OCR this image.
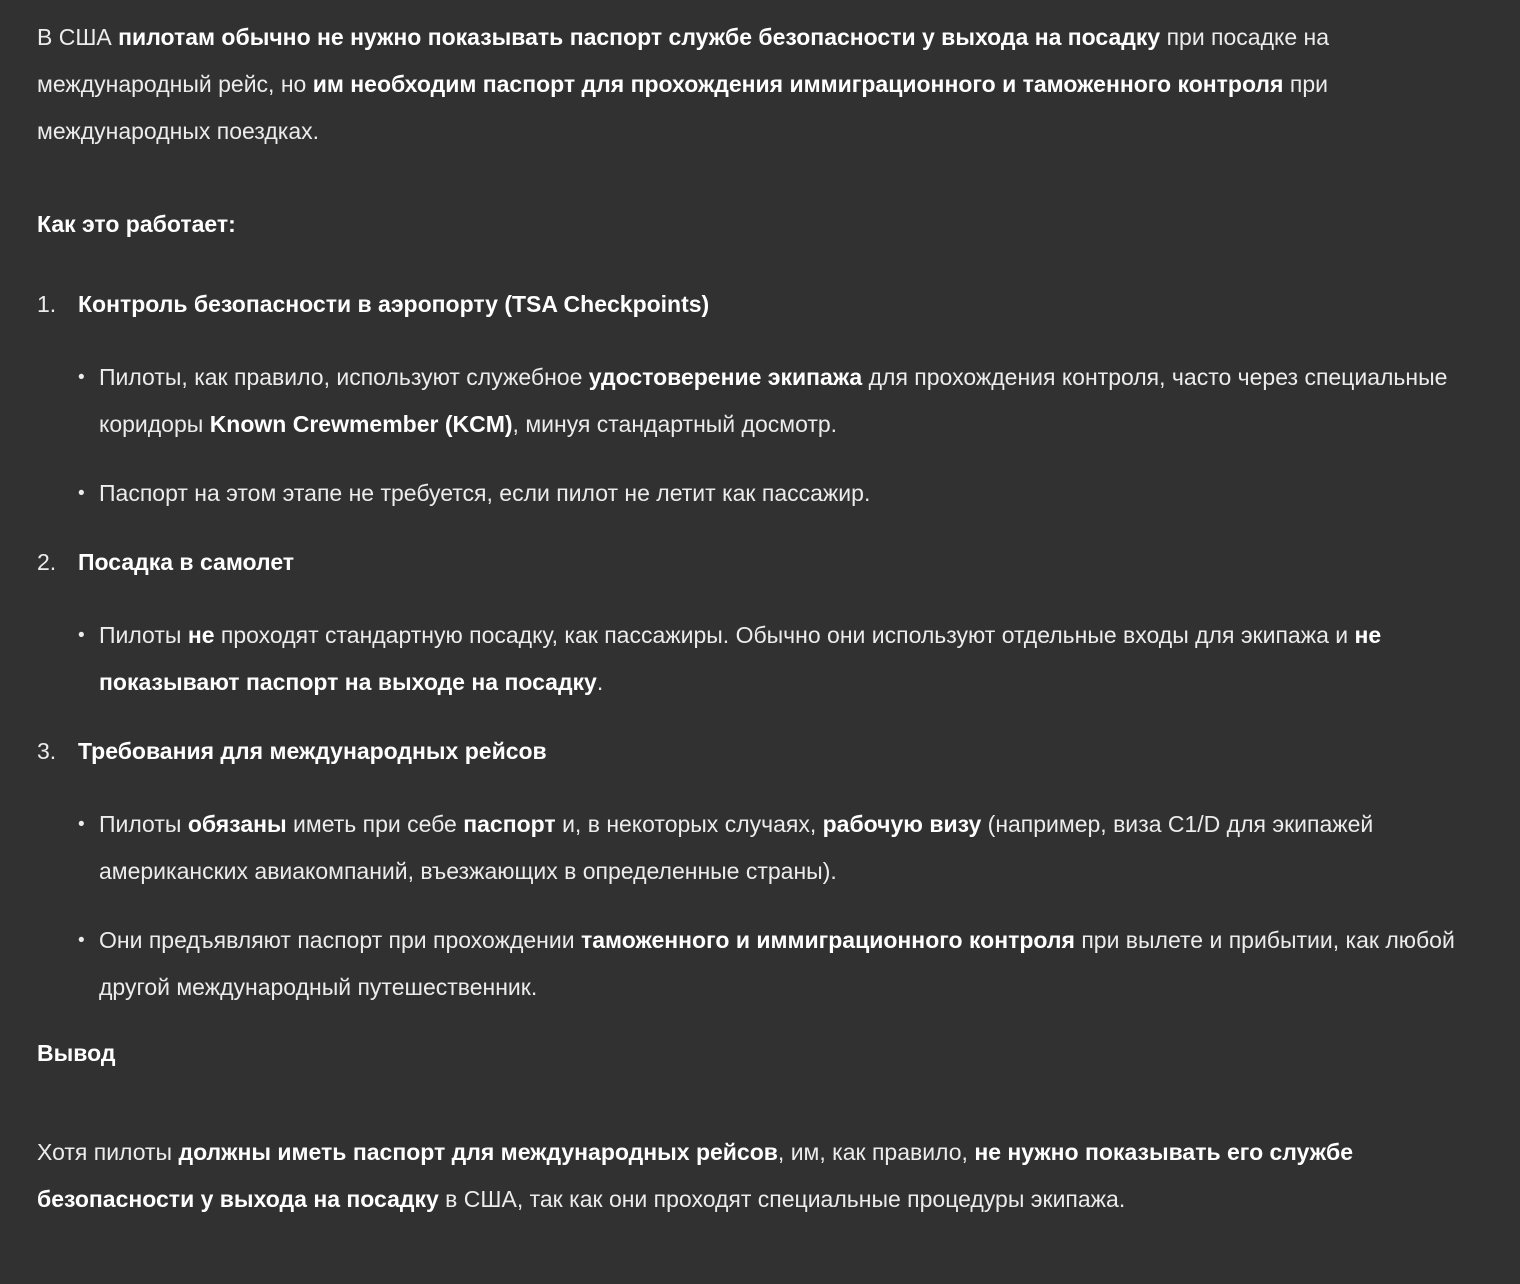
В США пилотам обычно не нужно показывать паспорт службе безопасности у выхода на посадку при посадке на международный рейс, но им необходим паспорт для прохождения иммиграционного и таможенного контроля при международных поездках.

Как это работает:
1. Контроль безопасности в аэропорту (TSA Checkpoints)
• Пилоты, как правило, используют служебное удостоверение экипажа для прохождения контроля, часто через специальные коридоры Known Crewmember (KCM), минуя стандартный досмотр.
• Паспорт на этом этапе не требуется, если пилот не летит как пассажир.
2. Посадка в самолет
• Пилоты не проходят стандартную посадку, как пассажиры. Обычно они используют отдельные входы для экипажа и не показывают паспорт на выходе на посадку.
3. Требования для международных рейсов
• Пилоты обязаны иметь при себе паспорт и, в некоторых случаях, рабочую визу (например, виза C1/D для экипажей американских авиакомпаний, въезжающих в определенные страны).
• Они предъявляют паспорт при прохождении таможенного и иммиграционного контроля при вылете и прибытии, как любой другой международный путешественник.
Вывод

Хотя пилоты должны иметь паспорт для международных рейсов, им, как правило, не нужно показывать его службе безопасности у выхода на посадку в США, так как они проходят специальные процедуры экипажа.
